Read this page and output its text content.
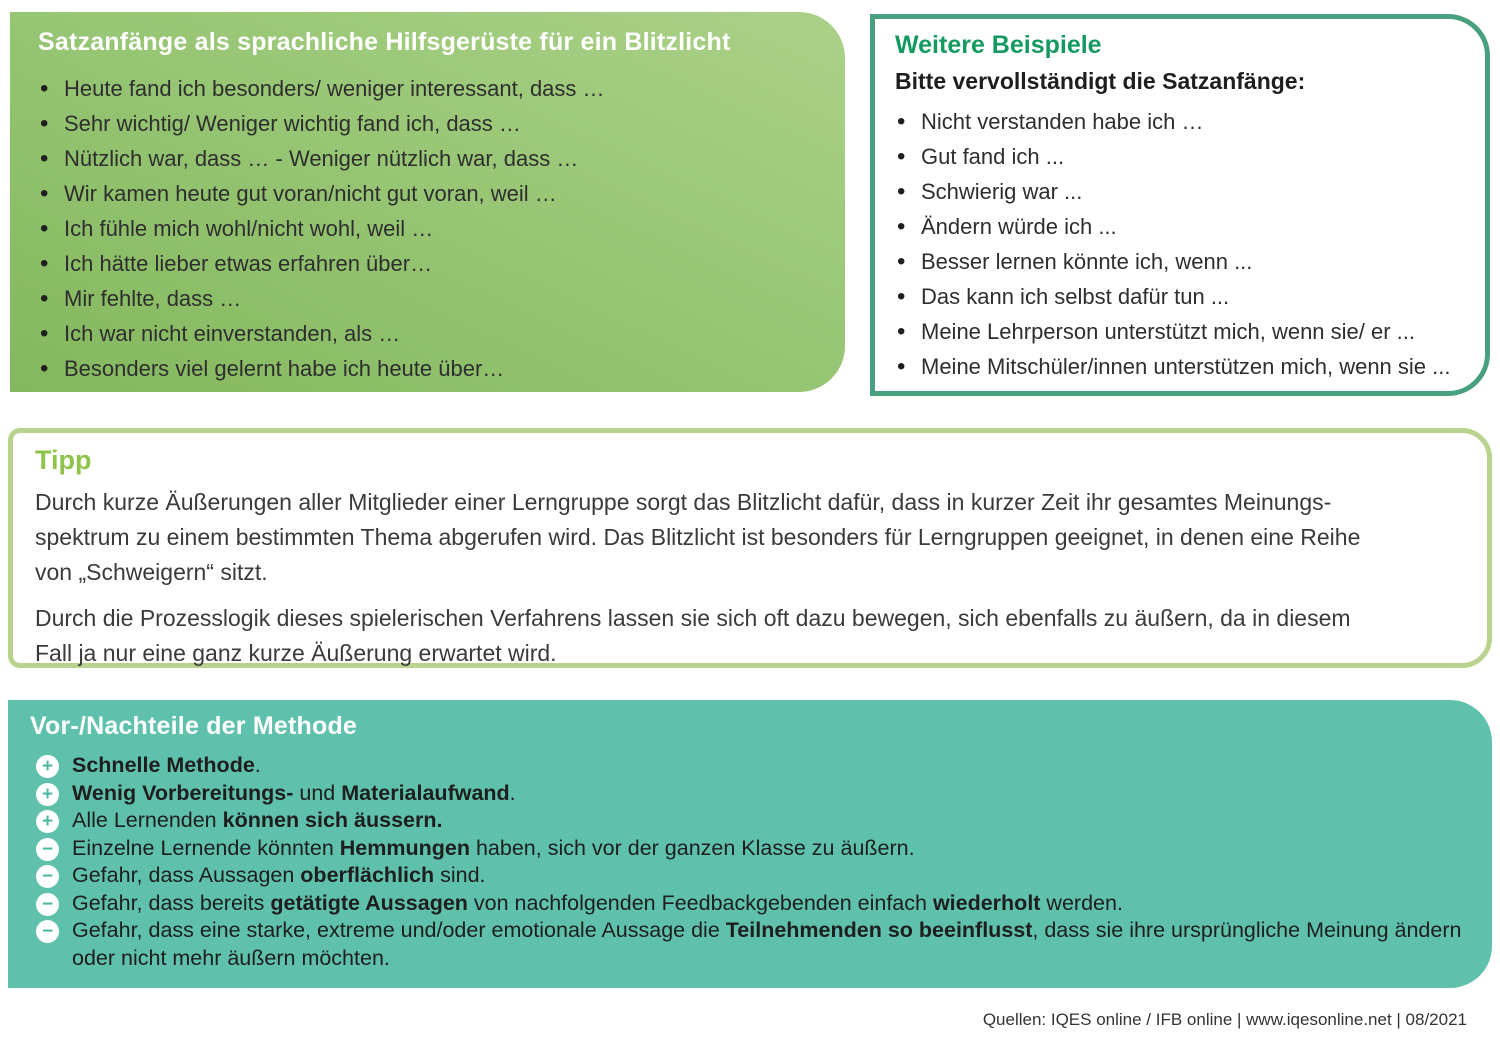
Satzanfänge als sprachliche Hilfsgerüste für ein Blitzlicht
• Heute fand ich besonders/ weniger interessant, dass …
• Sehr wichtig/ Weniger wichtig fand ich, dass …
• Nützlich war, dass … - Weniger nützlich war, dass …
• Wir kamen heute gut voran/nicht gut voran, weil …
• Ich fühle mich wohl/nicht wohl, weil …
• Ich hätte lieber etwas erfahren über…
• Mir fehlte, dass …
• Ich war nicht einverstanden, als …
• Besonders viel gelernt habe ich heute über…
Weitere Beispiele

Bitte vervollständigt die Satzanfänge:

• Nicht verstanden habe ich …
• Gut fand ich ...
• Schwierig war ...
• Ändern würde ich ...
• Besser lernen könnte ich, wenn ...
• Das kann ich selbst dafür tun ...
• Meine Lehrperson unterstützt mich, wenn sie/ er ...
• Meine Mitschüler/innen unterstützen mich, wenn sie ...
Tipp
Durch kurze Äußerungen aller Mitglieder einer Lerngruppe sorgt das Blitzlicht dafür, dass in kurzer Zeit ihr gesamtes Meinungs-
spektrum zu einem bestimmten Thema abgerufen wird. Das Blitzlicht ist besonders für Lerngruppen geeignet, in denen eine Reihe
von „Schweigern“ sitzt.
Durch die Prozesslogik dieses spielerischen Verfahrens lassen sie sich oft dazu bewegen, sich ebenfalls zu äußern, da in diesem
Fall ja nur eine ganz kurze Äußerung erwartet wird.
Vor-/Nachteile der Methode
+ Schnelle Methode.
+ Wenig Vorbereitungs- und Materialaufwand.
+ Alle Lernenden können sich äussern.
− Einzelne Lernende könnten Hemmungen haben, sich vor der ganzen Klasse zu äußern.
− Gefahr, dass Aussagen oberflächlich sind.
− Gefahr, dass bereits getätigte Aussagen von nachfolgenden Feedbackgebenden einfach wiederholt werden.
− Gefahr, dass eine starke, extreme und/oder emotionale Aussage die Teilnehmenden so beeinflusst, dass sie ihre ursprüngliche Meinung ändern oder nicht mehr äußern möchten.
Quellen: IQES online / IFB online | www.iqesonline.net | 08/2021
